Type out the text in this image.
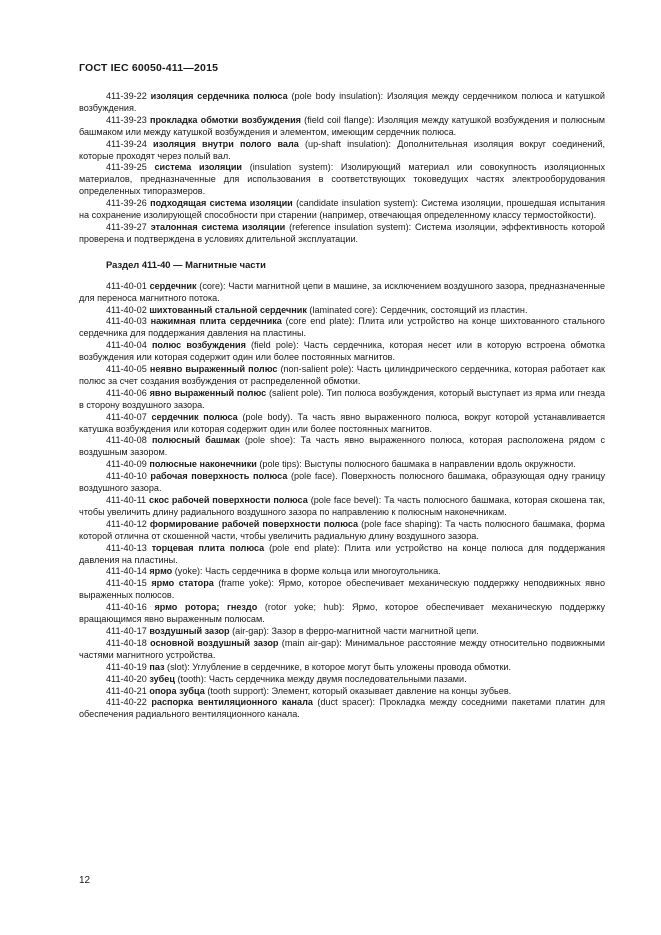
ГОСТ IEC 60050-411—2015

411-39-22 изоляция сердечника полюса (pole body insulation): Изоляция между сердечником полюса и катушкой возбуждения.

411-39-23 прокладка обмотки возбуждения (field coil flange): Изоляция между катушкой возбуждения и полюсным башмаком или между катушкой возбуждения и элементом, имеющим сердечник полюса.

411-39-24 изоляция внутри полого вала (up-shaft insulation): Дополнительная изоляция вокруг соединений, которые проходят через полый вал.

411-39-25 система изоляции (insulation system): Изолирующий материал или совокупность изоляционных материалов, предназначенные для использования в соответствующих токоведущих частях электрооборудования определенных типоразмеров.

411-39-26 подходящая система изоляции (candidate insulation system): Система изоляции, прошедшая испытания на сохранение изолирующей способности при старении (например, отвечающая определенному классу термостойкости).

411-39-27 эталонная система изоляции (reference insulation system): Система изоляции, эффективность которой проверена и подтверждена в условиях длительной эксплуатации.

Раздел 411-40 — Магнитные части

411-40-01 сердечник (core): Части магнитной цепи в машине, за исключением воздушного зазора, предназначенные для переноса магнитного потока.

411-40-02 шихтованный стальной сердечник (laminated core): Сердечник, состоящий из пластин.

411-40-03 нажимная плита сердечника (core end plate): Плита или устройство на конце шихтованного стального сердечника для поддержания давления на пластины.

411-40-04 полюс возбуждения (field pole): Часть сердечника, которая несет или в которую встроена обмотка возбуждения или которая содержит один или более постоянных магнитов.

411-40-05 неявно выраженный полюс (non-salient pole): Часть цилиндрического сердечника, которая работает как полюс за счет создания возбуждения от распределенной обмотки.

411-40-06 явно выраженный полюс (salient pole). Тип полюса возбуждения, который выступает из ярма или гнезда в сторону воздушного зазора.

411-40-07 сердечник полюса (pole body). Та часть явно выраженного полюса, вокруг которой устанавливается катушка возбуждения или которая содержит один или более постоянных магнитов.

411-40-08 полюсный башмак (pole shoe): Та часть явно выраженного полюса, которая расположена рядом с воздушным зазором.

411-40-09 полюсные наконечники (pole tips): Выступы полюсного башмака в направлении вдоль окружности.

411-40-10 рабочая поверхность полюса (pole face). Поверхность полюсного башмака, образующая одну границу воздушного зазора.

411-40-11 скос рабочей поверхности полюса (pole face bevel): Та часть полюсного башмака, которая скошена так, чтобы увеличить длину радиального воздушного зазора по направлению к полюсным наконечникам.

411-40-12 формирование рабочей поверхности полюса (pole face shaping): Та часть полюсного башмака, форма которой отлична от скошенной части, чтобы увеличить радиальную длину воздушного зазора.

411-40-13 торцевая плита полюса (pole end plate): Плита или устройство на конце полюса для поддержания давления на пластины.

411-40-14 ярмо (yoke): Часть сердечника в форме кольца или многоугольника.

411-40-15 ярмо статора (frame yoke): Ярмо, которое обеспечивает механическую поддержку неподвижных явно выраженных полюсов.

411-40-16 ярмо ротора; гнездо (rotor yoke; hub): Ярмо, которое обеспечивает механическую поддержку вращающимся явно выраженным полюсам.

411-40-17 воздушный зазор (air-gap): Зазор в ферро-магнитной части магнитной цепи.

411-40-18 основной воздушный зазор (main air-gap): Минимальное расстояние между относительно подвижными частями магнитного устройства.

411-40-19 паз (slot): Углубление в сердечнике, в которое могут быть уложены провода обмотки.

411-40-20 зубец (tooth): Часть сердечника между двумя последовательными пазами.

411-40-21 опора зубца (tooth support): Элемент, который оказывает давление на концы зубьев.

411-40-22 распорка вентиляционного канала (duct spacer): Прокладка между соседними пакетами платин для обеспечения радиального вентиляционного канала.

12
